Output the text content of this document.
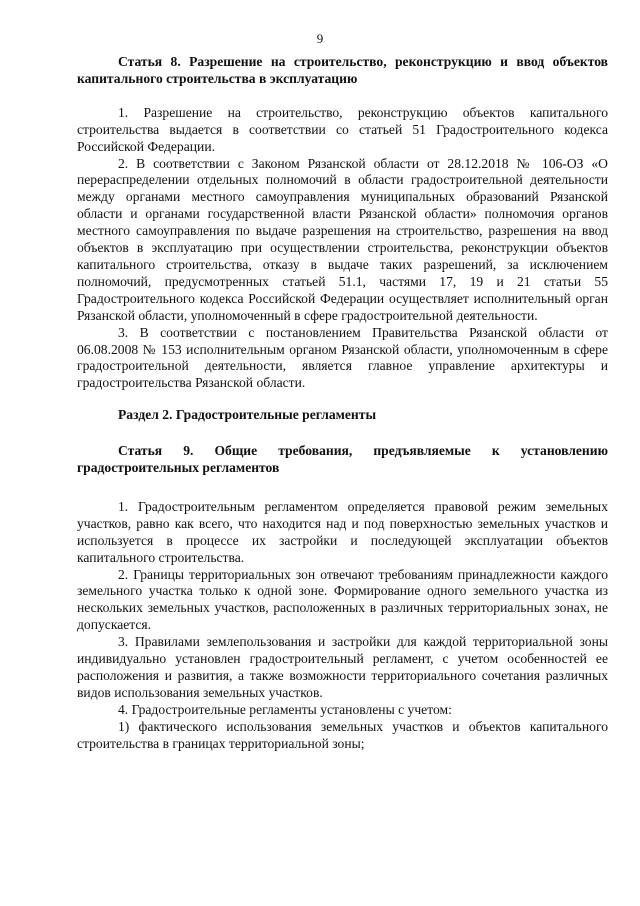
9
Статья 8. Разрешение на строительство, реконструкцию и ввод объектов капитального строительства в эксплуатацию

1. Разрешение на строительство, реконструкцию объектов капитального строительства выдается в соответствии со статьей 51 Градостроительного кодекса Российской Федерации.

2. В соответствии с Законом Рязанской области от 28.12.2018 № 106-ОЗ «О перераспределении отдельных полномочий в области градостроительной деятельности между органами местного самоуправления муниципальных образований Рязанской области и органами государственной власти Рязанской области» полномочия органов местного самоуправления по выдаче разрешения на строительство, разрешения на ввод объектов в эксплуатацию при осуществлении строительства, реконструкции объектов капитального строительства, отказу в выдаче таких разрешений, за исключением полномочий, предусмотренных статьей 51.1, частями 17, 19 и 21 статьи 55 Градостроительного кодекса Российской Федерации осуществляет исполнительный орган Рязанской области, уполномоченный в сфере градостроительной деятельности.

3. В соответствии с постановлением Правительства Рязанской области от 06.08.2008 № 153 исполнительным органом Рязанской области, уполномоченным в сфере градостроительной деятельности, является главное управление архитектуры и градостроительства Рязанской области.

Раздел 2. Градостроительные регламенты
Статья 9. Общие требования, предъявляемые к установлению градостроительных регламентов

1. Градостроительным регламентом определяется правовой режим земельных участков, равно как всего, что находится над и под поверхностью земельных участков и используется в процессе их застройки и последующей эксплуатации объектов капитального строительства.

2. Границы территориальных зон отвечают требованиям принадлежности каждого земельного участка только к одной зоне. Формирование одного земельного участка из нескольких земельных участков, расположенных в различных территориальных зонах, не допускается.

3. Правилами землепользования и застройки для каждой территориальной зоны индивидуально установлен градостроительный регламент, с учетом особенностей ее расположения и развития, а также возможности территориального сочетания различных видов использования земельных участков.

4. Градостроительные регламенты установлены с учетом:

1) фактического использования земельных участков и объектов капитального строительства в границах территориальной зоны;
